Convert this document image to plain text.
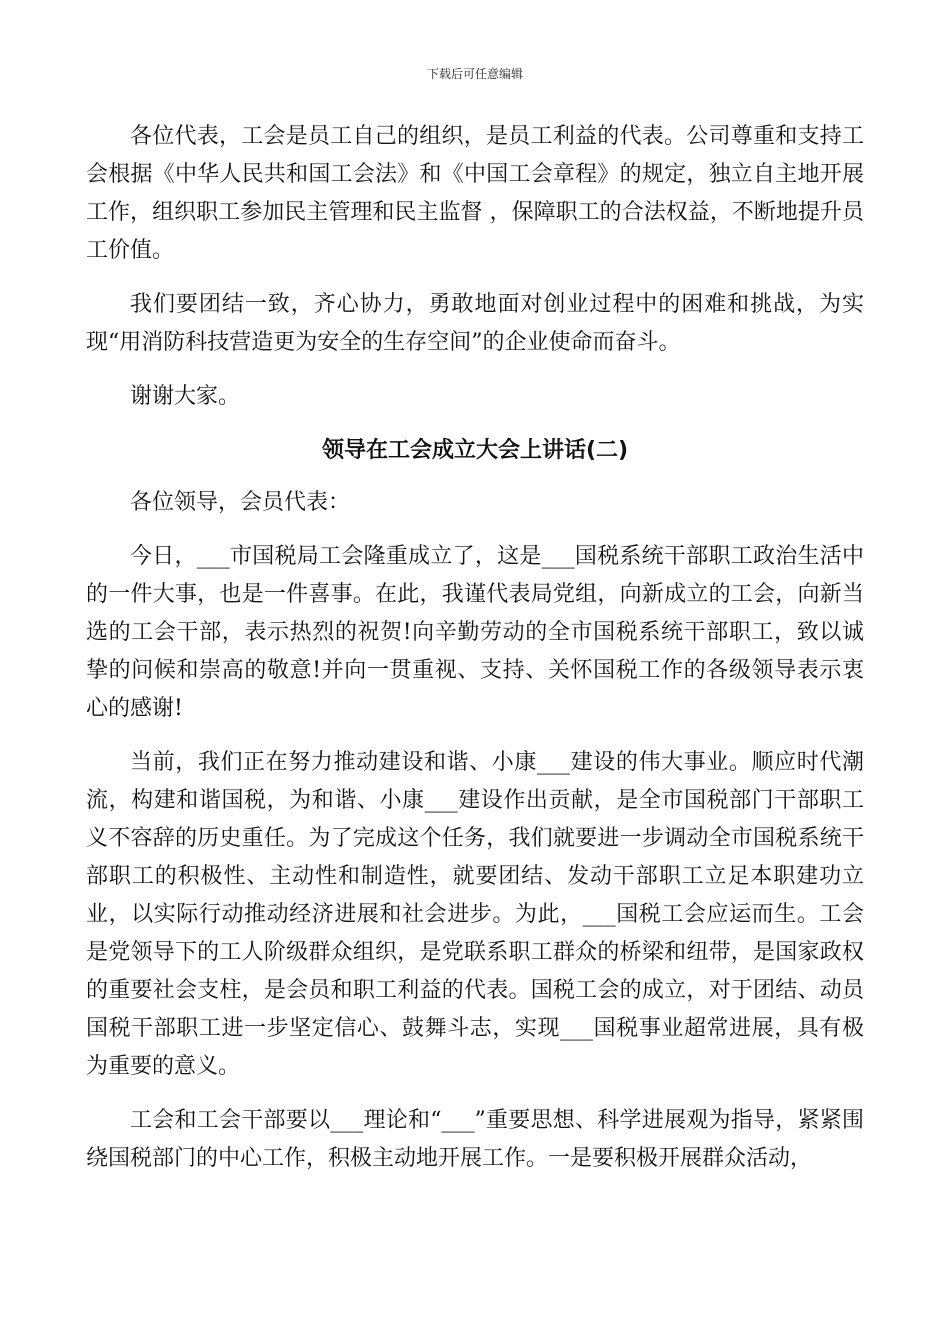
下载后可任意编辑

各位代表，工会是员工自己的组织，是员工利益的代表。公司尊重和支持工会根据《中华人民共和国工会法》和《中国工会章程》的规定，独立自主地开展工作，组织职工参加民主管理和民主监督 ，保障职工的合法权益，不断地提升员工价值。

我们要团结一致，齐心协力，勇敢地面对创业过程中的困难和挑战，为实现“用消防科技营造更为安全的生存空间”的企业使命而奋斗。

谢谢大家。

领导在工会成立大会上讲话(二)

各位领导，会员代表：

今日，___市国税局工会隆重成立了，这是___国税系统干部职工政治生活中的一件大事，也是一件喜事。在此，我谨代表局党组，向新成立的工会，向新当选的工会干部，表示热烈的祝贺!向辛勤劳动的全市国税系统干部职工，致以诚挚的问候和崇高的敬意!并向一贯重视、支持、关怀国税工作的各级领导表示衷心的感谢!

当前，我们正在努力推动建设和谐、小康___建设的伟大事业。顺应时代潮流，构建和谐国税，为和谐、小康___建设作出贡献，是全市国税部门干部职工义不容辞的历史重任。为了完成这个任务，我们就要进一步调动全市国税系统干部职工的积极性、主动性和制造性，就要团结、发动干部职工立足本职建功立业，以实际行动推动经济进展和社会进步。为此，___国税工会应运而生。工会是党领导下的工人阶级群众组织，是党联系职工群众的桥梁和纽带，是国家政权的重要社会支柱，是会员和职工利益的代表。国税工会的成立，对于团结、动员国税干部职工进一步坚定信心、鼓舞斗志，实现___国税事业超常进展，具有极为重要的意义。

工会和工会干部要以___理论和“___”重要思想、科学进展观为指导，紧紧围绕国税部门的中心工作，积极主动地开展工作。一是要积极开展群众活动，
